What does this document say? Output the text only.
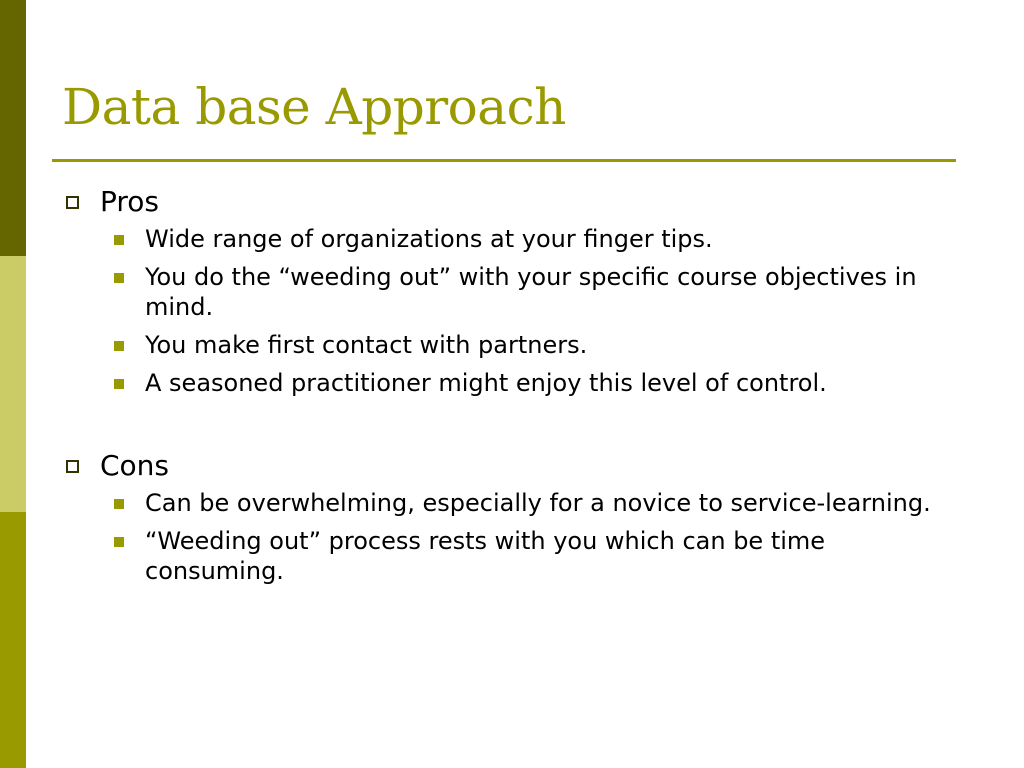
Data base Approach
Pros
Wide range of organizations at your finger tips.
You do the “weeding out” with your specific course objectives in mind.
You make first contact with partners.
A seasoned practitioner might enjoy this level of control.
Cons
Can be overwhelming, especially for a novice to service-learning.
“Weeding out” process rests with you which can be time consuming.
